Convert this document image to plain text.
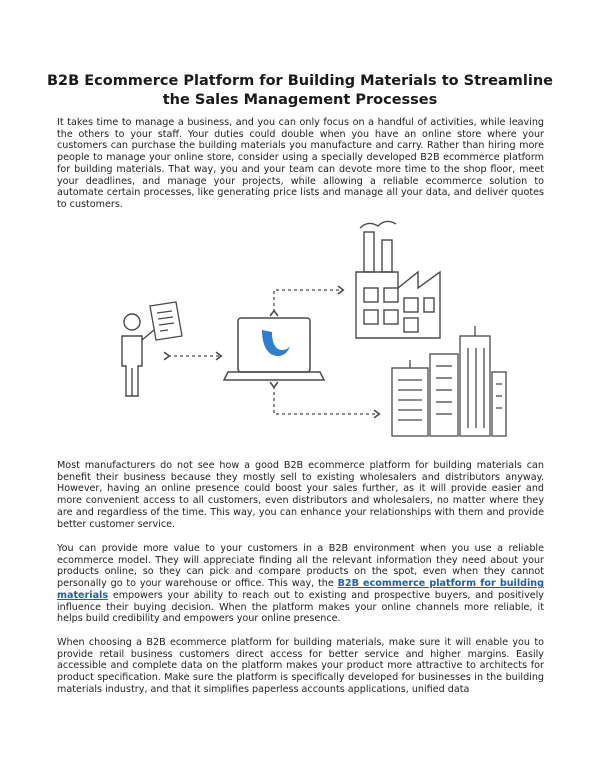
B2B Ecommerce Platform for Building Materials to Streamline the Sales Management Processes

It takes time to manage a business, and you can only focus on a handful of activities, while leaving the others to your staff. Your duties could double when you have an online store where your customers can purchase the building materials you manufacture and carry. Rather than hiring more people to manage your online store, consider using a specially developed B2B ecommerce platform for building materials. That way, you and your team can devote more time to the shop floor, meet your deadlines, and manage your projects, while allowing a reliable ecommerce solution to automate certain processes, like generating price lists and manage all your data, and deliver quotes to customers.

Most manufacturers do not see how a good B2B ecommerce platform for building materials can benefit their business because they mostly sell to existing wholesalers and distributors anyway. However, having an online presence could boost your sales further, as it will provide easier and more convenient access to all customers, even distributors and wholesalers, no matter where they are and regardless of the time. This way, you can enhance your relationships with them and provide better customer service.

You can provide more value to your customers in a B2B environment when you use a reliable ecommerce model. They will appreciate finding all the relevant information they need about your products online, so they can pick and compare products on the spot, even when they cannot personally go to your warehouse or office. This way, the B2B ecommerce platform for building materials empowers your ability to reach out to existing and prospective buyers, and positively influence their buying decision. When the platform makes your online channels more reliable, it helps build credibility and empowers your online presence.

When choosing a B2B ecommerce platform for building materials, make sure it will enable you to provide retail business customers direct access for better service and higher margins. Easily accessible and complete data on the platform makes your product more attractive to architects for product specification. Make sure the platform is specifically developed for businesses in the building materials industry, and that it simplifies paperless accounts applications, unified data
